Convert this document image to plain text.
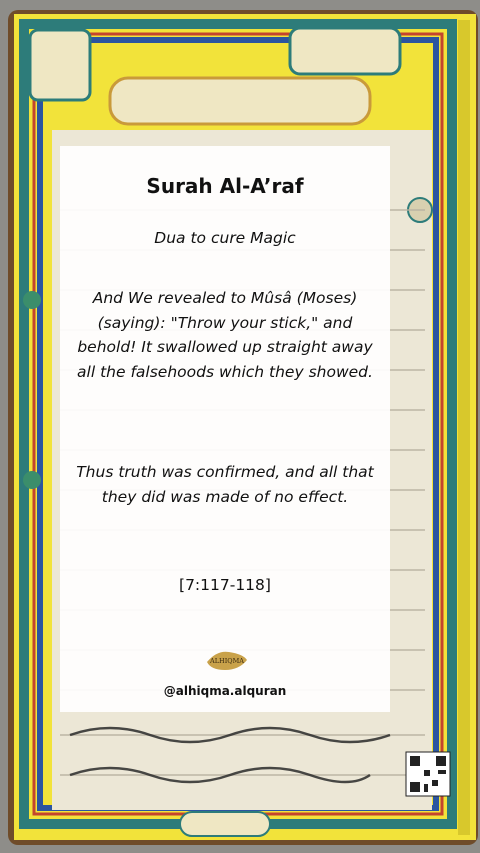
Surah Al-A’raf
Dua to cure Magic
And We revealed to Mûsâ (Moses) (saying): "Throw your stick," and behold! It swallowed up straight away all the falsehoods which they showed.
Thus truth was confirmed, and all that they did was made of no effect.
[7:117-118]
ALHIQMA
@alhiqma.alquran
